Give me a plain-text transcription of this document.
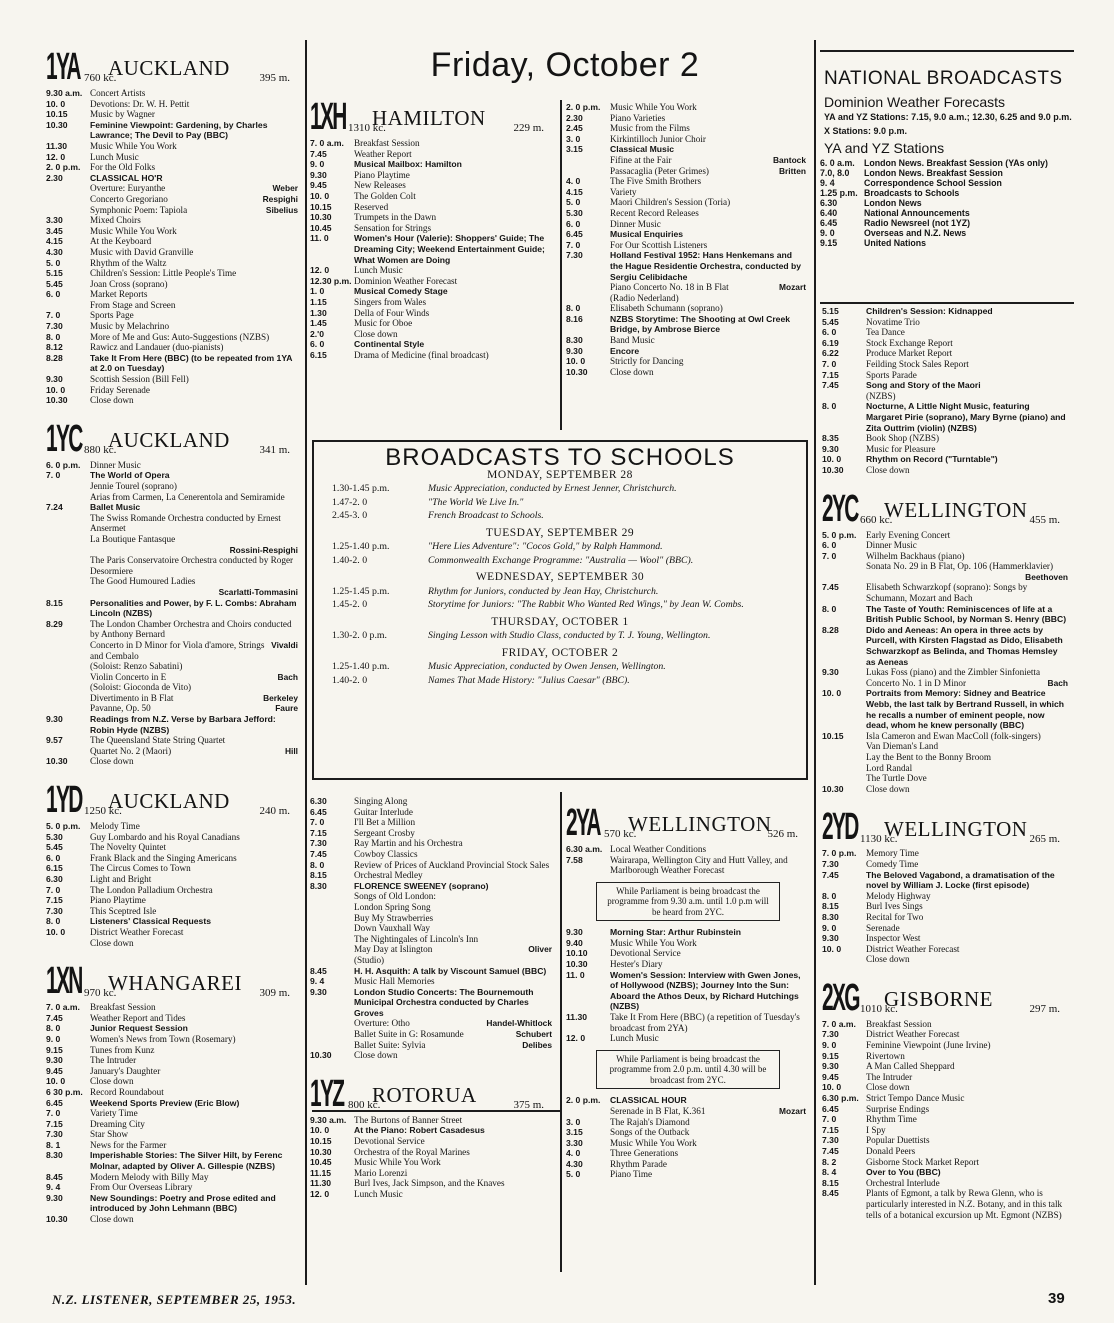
Friday, October 2
1YA 760 kc.
AUCKLAND	395 m.
9.30 a.m. Concert Artists
10. 0	Devotions: Dr. W. H. Pettit
10.15	Music by Wagner
10.30	Feminine Viewpoint: Gardening, by Charles Lawrance; The Devil to Pay (BBC)
11.30	Music While You Work
12. 0	Lunch Music
2. 0 p.m.	For the Old Folks
2.30	CLASSICAL HO'R
Overture: Euryanthe	Weber
Concerto Gregoriano	Respighi
Symphonic Poem: Tapiola	Sibelius
3.30	Mixed Choirs
3.45	Music While You Work
4.15	At the Keyboard
4.30	Music with David Granville
5. 0	Rhythm of the Waltz
5.15	Children's Session: Little People's Time
5.45	Joan Cross (soprano)
6. 0	Market Reports
From Stage and Screen
7. 0	Sports Page
7.30	Music by Melachrino
8. 0	More of Me and Gus: Auto-Suggestions (NZBS)
8.12	Rawicz and Landauer (duo-pianists)
8.28	Take It From Here (BBC) (to be repeated from 1YA at 2.0 on Tuesday)
9.30	Scottish Session (Bill Fell)
10. 0	Friday Serenade
10.30	Close down
1YC 880 kc.
AUCKLAND	341 m.
6. 0 p.m.	Dinner Music
7. 0	The World of Opera
Jennie Tourel (soprano)
Arias from Carmen, La Cenerentola and Semiramide
7.24	Ballet Music
The Swiss Romande Orchestra conducted by Ernest Ansermet
La Boutique Fantasque
Rossini-Respighi
The Paris Conservatoire Orchestra conducted by Roger Desormiere
The Good Humoured Ladies
Scarlatti-Tommasini
8.15	Personalities and Power, by F. L. Combs: Abraham Lincoln (NZBS)
8.29	The London Chamber Orchestra and Choirs conducted by Anthony Bernard
Concerto in D Minor for Viola d'amore, Strings and Cembalo
Vivaldi
(Soloist: Renzo Sabatini)
Violin Concerto in E	Bach
(Soloist: Gioconda de Vito)
Divertimento in B Flat	Berkeley
Pavanne, Op. 50	Faure
9.30	Readings from N.Z. Verse by Barbara Jefford: Robin Hyde (NZBS)
9.57	The Queensland State String Quartet
Quartet No. 2 (Maori)	Hill
10.30	Close down
1YD 1250 kc.
AUCKLAND	240 m.
5. 0 p.m.	Melody Time
5.30	Guy Lombardo and his Royal Canadians
5.45	The Novelty Quintet
6. 0	Frank Black and the Singing Americans
6.15	The Circus Comes to Town
6.30	Light and Bright
7. 0	The London Palladium Orchestra
7.15	Piano Playtime
7.30	This Sceptred Isle
8. 0	Listeners' Classical Requests
10. 0	District Weather Forecast
Close down
1XN 970 kc.
WHANGAREI 309 m.
7. 0 a.m.	Breakfast Session
7.45	Weather Report and Tides
8. 0	Junior Request Session
9. 0	Women's News from Town (Rosemary)
9.15	Tunes from Kunz
9.30	The Intruder
9.45	January's Daughter
10. 0	Close down
6 30 p.m. Record Roundabout
6.45	Weekend Sports Preview (Eric Blow)
7. 0	Variety Time
7.15	Dreaming City
7.30	Star Show
8. 1	News for the Farmer
8.30	Imperishable Stories: The Silver Hilt, by Ferenc Molnar, adapted by Oliver A. Gillespie (NZBS)
8.45	Modern Melody with Billy May
9. 4	From Our Overseas Library
9.30	New Soundings: Poetry and Prose edited and introduced by John Lehmann (BBC)
10.30	Close down
1XH 1310 kc.
HAMILTON	229 m.
7. 0 a.m.	Breakfast Session
7.45	Weather Report
9. 0	Musical Mailbox: Hamilton
9.30	Piano Playtime
9.45	New Releases
10. 0	The Golden Colt
10.15	Reserved
10.30	Trumpets in the Dawn
10.45	Sensation for Strings
11. 0	Women's Hour (Valerie): Shoppers' Guide; The Dreaming City; Weekend Entertainment Guide; What Women are Doing
12. 0	Lunch Music
12.30 p.m. Dominion Weather Forecast
1. 0	Musical Comedy Stage
1.15	Singers from Wales
1.30	Della of Four Winds
1.45	Music for Oboe
2.'0	Close down
6. 0	Continental Style
6.15	Drama of Medicine (final broadcast)
2. 0 p.m.	Music While You Work
2.30	Piano Varieties
2.45	Music from the Films
3. 0	Kirkintilloch Junior Choir
3.15	Classical Music
Fifine at the Fair	Bantock
Passacaglia (Peter Grimes)	Britten
4. 0	The Five Smith Brothers
4.15	Variety
5. 0	Maori Children's Session (Toria)
5.30	Recent Record Releases
6. 0	Dinner Music
6.45	Musical Enquiries
7. 0	For Our Scottish Listeners
7.30	Holland Festival 1952: Hans Henkemans and the Hague Residentie Orchestra, conducted by Sergiu Celibidache
Piano Concerto No. 18 in B Flat	Mozart
(Radio Nederland)
8. 0	Elisabeth Schumann (soprano)
8.16	NZBS Storytime: The Shooting at Owl Creek Bridge, by Ambrose Bierce
8.30	Band Music
9.30	Encore
10. 0	Strictly for Dancing
10.30	Close down
BROADCASTS TO SCHOOLS
MONDAY, SEPTEMBER 28
1.30-1.45 p.m.	Music Appreciation, conducted by Ernest Jenner, Christchurch.
1.47-2. 0	"The World We Live In."
2.45-3. 0	French Broadcast to Schools.
TUESDAY, SEPTEMBER 29
1.25-1.40 p.m.	"Here Lies Adventure": "Cocos Gold," by Ralph Hammond.
1.40-2. 0	Commonwealth Exchange Programme: "Australia — Wool" (BBC).
WEDNESDAY, SEPTEMBER 30
1.25-1.45 p.m.	Rhythm for Juniors, conducted by Jean Hay, Christchurch.
1.45-2. 0	Storytime for Juniors: "The Rabbit Who Wanted Red Wings," by Jean W. Combs.
THURSDAY, OCTOBER 1
1.30-2. 0 p.m.	Singing Lesson with Studio Class, conducted by T. J. Young, Wellington.
FRIDAY, OCTOBER 2
1.25-1.40 p.m.	Music Appreciation, conducted by Owen Jensen, Wellington.
1.40-2. 0	Names That Made History: "Julius Caesar" (BBC).
6.30	Singing Along
6.45	Guitar Interlude
7. 0	I'll Bet a Million
7.15	Sergeant Crosby
7.30	Ray Martin and his Orchestra
7.45	Cowboy Classics
8. 0	Review of Prices of Auckland Provincial Stock Sales
8.15	Orchestral Medley
8.30	FLORENCE SWEENEY (soprano)
Songs of Old London:
London Spring Song
Buy My Strawberries
Down Vauxhall Way
The Nightingales of Lincoln's Inn
May Day at Islington	Oliver
(Studio)
8.45	H. H. Asquith: A talk by Viscount Samuel (BBC)
9. 4	Music Hall Memories
9.30	London Studio Concerts: The Bournemouth Municipal Orchestra conducted by Charles Groves
Overture: Otho	Handel-Whitlock
Ballet Suite in G: Rosamunde	Schubert
Ballet Suite: Sylvia	Delibes
10.30	Close down
1YZ 800 kc.
ROTORUA	375 m.
9.30 a.m. The Burtons of Banner Street
10. 0	At the Piano: Robert Casadesus
10.15	Devotional Service
10.30	Orchestra of the Royal Marines
10.45	Music While You Work
11.15	Mario Lorenzi
11.30	Burl Ives, Jack Simpson, and the Knaves
12. 0	Lunch Music
2YA 570 kc.
WELLINGTON
526 m.
6.30 a.m. Local Weather Conditions
7.58	Wairarapa, Wellington City and Hutt Valley, and Marlborough Weather Forecast
While Parliament is being broadcast the programme from 9.30 a.m. until 1.0 p.m will be heard from 2YC.
9.30	Morning Star: Arthur Rubinstein
9.40	Music While You Work
10.10	Devotional Service
10.30	Hester's Diary
11. 0	Women's Session: Interview with Gwen Jones, of Hollywood (NZBS); Journey Into the Sun: Aboard the Athos Deux, by Richard Hutchings (NZBS)
11.30	Take It From Here (BBC) (a repetition of Tuesday's broadcast from 2YA)
12. 0	Lunch Music
While Parliament is being broadcast the programme from 2.0 p.m. until 4.30 will be broadcast from 2YC.
2. 0 p.m.	CLASSICAL HOUR
Serenade in B Flat, K.361	Mozart
3. 0	The Rajah's Diamond
3.15	Songs of the Outback
3.30	Music While You Work
4. 0	Three Generations
4.30	Rhythm Parade
5. 0	Piano Time
NATIONAL BROADCASTS
Dominion Weather Forecasts
YA and YZ Stations: 7.15, 9.0 a.m.; 12.30, 6.25 and 9.0 p.m.
X Stations: 9.0 p.m.
YA and YZ Stations
6. 0 a.m.	London News. Breakfast Session (YAs only)
7.0, 8.0	London News. Breakfast Session
9. 4	Correspondence School Session
1.25 p.m. Broadcasts to Schools
6.30	London News
6.40	National Announcements
6.45	Radio Newsreel (not 1YZ)
9. 0	Overseas and N.Z. News
9.15	United Nations
5.15	Children's Session: Kidnapped
5.45	Novatime Trio
6. 0	Tea Dance
6.19	Stock Exchange Report
6.22	Produce Market Report
7. 0	Feilding Stock Sales Report
7.15	Sports Parade
7.45	Song and Story of the Maori
(NZBS)
8. 0	Nocturne, A Little Night Music, featuring Margaret Pirie (soprano), Mary Byrne (piano) and Zita Outtrim (violin) (NZBS)
8.35	Book Shop (NZBS)
9.30	Music for Pleasure
10. 0	Rhythm on Record ("Turntable")
10.30	Close down
2YC 660 kc.
WELLINGTON 455 m.
5. 0 p.m.	Early Evening Concert
6. 0	Dinner Music
7. 0	Wilhelm Backhaus (piano)
Sonata No. 29 in B Flat, Op. 106 (Hammerklavier)
Beethoven
7.45	Elisabeth Schwarzkopf (soprano): Songs by Schumann, Mozart and Bach
8. 0	The Taste of Youth: Reminiscences of life at a British Public School, by Norman S. Henry (BBC)
8.28	Dido and Aeneas: An opera in three acts by Purcell, with Kirsten Flagstad as Dido, Elisabeth Schwarzkopf as Belinda, and Thomas Hemsley as Aeneas
9.30	Lukas Foss (piano) and the Zimbler Sinfonietta
Concerto No. 1 in D Minor	Bach
10. 0	Portraits from Memory: Sidney and Beatrice Webb, the last talk by Bertrand Russell, in which he recalls a number of eminent people, now dead, whom he knew personally (BBC)
10.15	Isla Cameron and Ewan MacColl (folk-singers)
Van Dieman's Land
Lay the Bent to the Bonny Broom
Lord Randal
The Turtle Dove
10.30	Close down
2YD 1130 kc.
WELLINGTON 265 m.
7. 0 p.m.	Memory Time
7.30	Comedy Time
7.45	The Beloved Vagabond, a dramatisation of the novel by William J. Locke (first episode)
8. 0	Melody Highway
8.15	Burl Ives Sings
8.30	Recital for Two
9. 0	Serenade
9.30	Inspector West
10. 0	District Weather Forecast
Close down
2XG 1010 kc.
GISBORNE	297 m.
7. 0 a.m.	Breakfast Session
7.30	District Weather Forecast
9. 0	Feminine Viewpoint (June Irvine)
9.15	Rivertown
9.30	A Man Called Sheppard
9.45	The Intruder
10. 0	Close down
6.30 p.m. Strict Tempo Dance Music
6.45	Surprise Endings
7. 0	Rhythm Time
7.15	I Spy
7.30	Popular Duettists
7.45	Donald Peers
8. 2	Gisborne Stock Market Report
8. 4	Over to You (BBC)
8.15	Orchestral Interlude
8.45	Plants of Egmont, a talk by Rewa Glenn, who is particularly interested in N.Z. Botany, and in this talk tells of a botanical excursion up Mt. Egmont (NZBS)
N.Z. LISTENER, SEPTEMBER 25, 1953.	39
